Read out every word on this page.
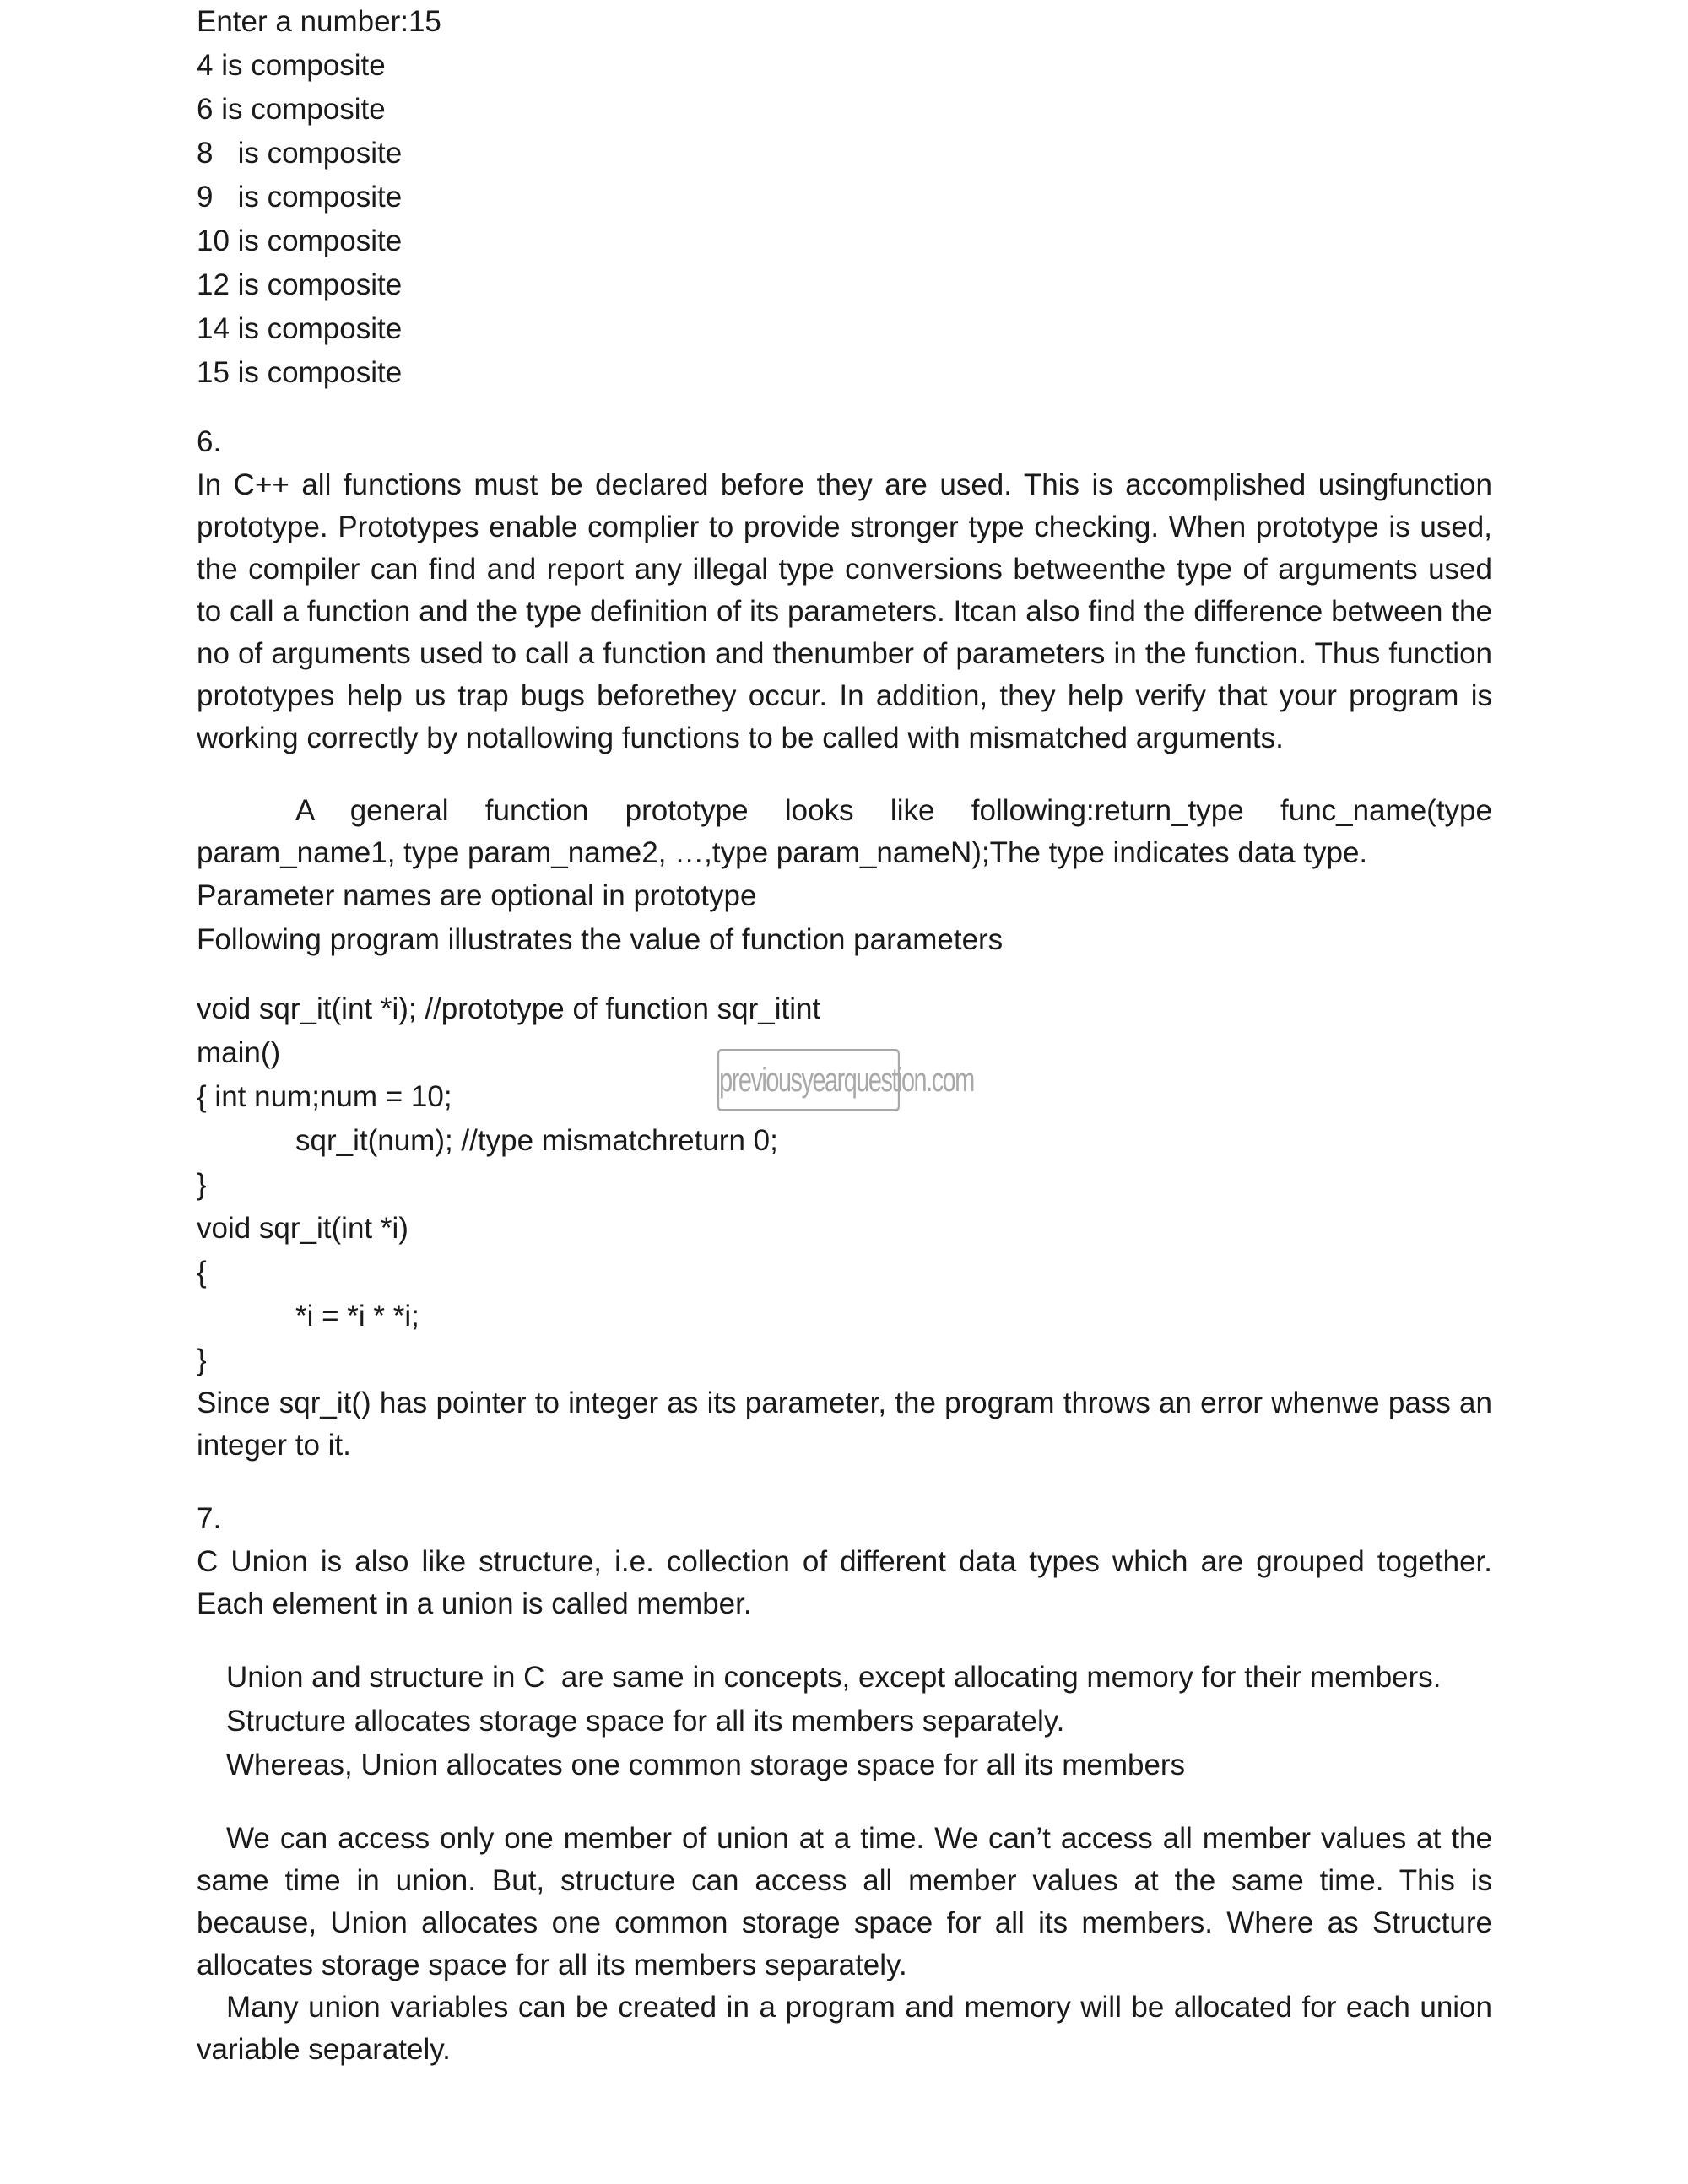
Enter a number:15
4 is composite
6 is composite
8   is composite
9   is composite
10 is composite
12 is composite
14 is composite
15 is composite
6.

In C++ all functions must be declared before they are used. This is accomplished usingfunction prototype. Prototypes enable complier to provide stronger type checking. When prototype is used, the compiler can find and report any illegal type conversions betweenthe type of arguments used to call a function and the type definition of its parameters. Itcan also find the difference between the no of arguments used to call a function and thenumber of parameters in the function. Thus function prototypes help us trap bugs beforethey occur. In addition, they help verify that your program is working correctly by notallowing functions to be called with mismatched arguments.

A general function prototype looks like following:return_type func_name(type param_name1, type param_name2, …,type param_nameN);The type indicates data type.

Parameter names are optional in prototype
Following program illustrates the value of function parameters
void sqr_it(int *i); //prototype of function sqr_itint
main()
{ int num;num = 10;
sqr_it(num); //type mismatchreturn 0;
}
void sqr_it(int *i)
{
*i = *i * *i;
}

Since sqr_it() has pointer to integer as its parameter, the program throws an error whenwe pass an integer to it.

7.

C Union is also like structure, i.e. collection of different data types which are grouped together. Each element in a union is called member.

Union and structure in C  are same in concepts, except allocating memory for their members.
Structure allocates storage space for all its members separately.
Whereas, Union allocates one common storage space for all its members

We can access only one member of union at a time. We can’t access all member values at the same time in union. But, structure can access all member values at the same time. This is because, Union allocates one common storage space for all its members. Where as Structure allocates storage space for all its members separately.

Many union variables can be created in a program and memory will be allocated for each union variable separately.

previousyearquestion.com
